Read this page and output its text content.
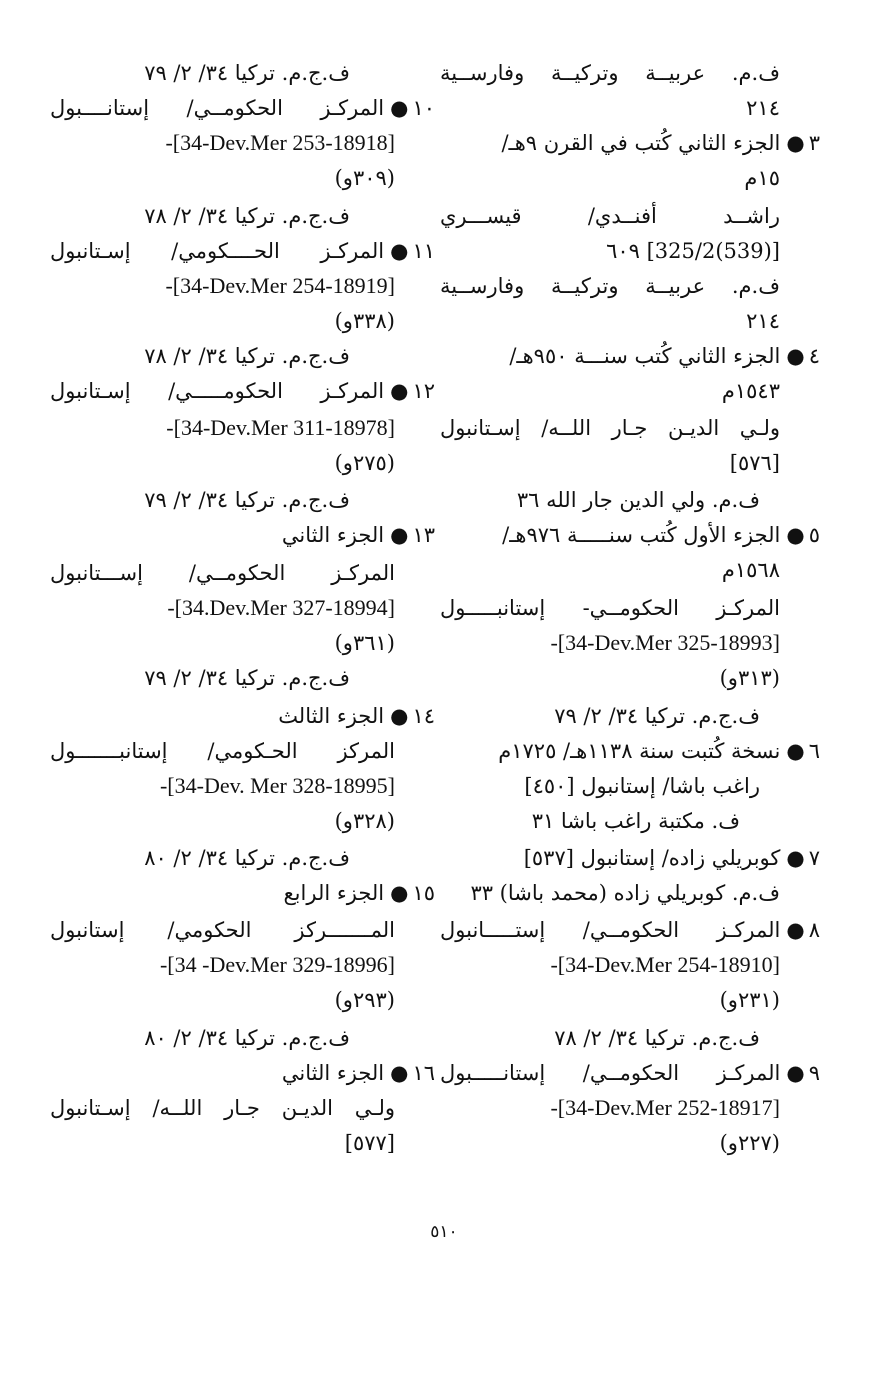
ف.م. عربيــة وتركيــة وفارســية
٢١٤
٣●الجزء الثاني كُتب في القرن ٩هـ/
١٥م
راشــد أفنــدي/ قيســـري
[(539)325/2] ٦٠٩
ف.م. عربيــة وتركيــة وفارســية
٢١٤
٤●الجزء الثاني كُتب سنـــة ٩٥٠هـ/
١٥٤٣م
ولـي الديـن جـار اللــه/ إسـتانبول
[٥٧٦]
ف.م. ولي الدين جار الله ٣٦
٥●الجزء الأول كُتب سنـــــة ٩٧٦هـ/
١٥٦٨م
المركـز الحكومــي- إستانبـــــول
-[34-Dev.Mer 325-18993]
(٣١٣و)
ف.ج.م. تركيا ٣٤/ ٢/ ٧٩
٦●نسخة كُتبت سنة ١١٣٨هـ/ ١٧٢٥م
راغب باشا/ إستانبول [٤٥٠]
ف. مكتبة راغب باشا ٣١
٧●كوبريلي زاده/ إستانبول [٥٣٧]
ف.م. كوبريلي زاده (محمد باشا) ٣٣
٨●المركـز الحكومــي/ إستـــــانبول
-[34-Dev.Mer 254-18910]
(٢٣١و)
ف.ج.م. تركيا ٣٤/ ٢/ ٧٨
٩●المركـز الحكومــي/ إستانـــــبول
-[34-Dev.Mer 252-18917]
(٢٢٧و)
ف.ج.م. تركيا ٣٤/ ٢/ ٧٩
١٠●المركـز الحكومــي/ إستانــــبول
-[34-Dev.Mer 253-18918]
(٣٠٩و)
ف.ج.م. تركيا ٣٤/ ٢/ ٧٨
١١●المركـز الحــــكومي/ إسـتانبول
-[34-Dev.Mer 254-18919]
(٣٣٨و)
ف.ج.م. تركيا ٣٤/ ٢/ ٧٨
١٢●المركـز الحكومـــــي/ إسـتانبول
-[34-Dev.Mer 311-18978]
(٢٧٥و)
ف.ج.م. تركيا ٣٤/ ٢/ ٧٩
١٣●الجزء الثاني
المركـز الحكومــي/ إســـتانبول
-[34.Dev.Mer 327-18994]
(٣٦١و)
ف.ج.م. تركيا ٣٤/ ٢/ ٧٩
١٤●الجزء الثالث
المركز الحـكومي/ إستانبـــــــول
-[34-Dev. Mer 328-18995]
(٣٢٨و)
ف.ج.م. تركيا ٣٤/ ٢/ ٨٠
١٥●الجزء الرابع
المـــــــركز الحكومي/ إستانبول
-[34 -Dev.Mer 329-18996]
(٢٩٣و)
ف.ج.م. تركيا ٣٤/ ٢/ ٨٠
١٦●الجزء الثاني
ولـي الديـن جـار اللــه/ إسـتانبول
[٥٧٧]
٥١٠
